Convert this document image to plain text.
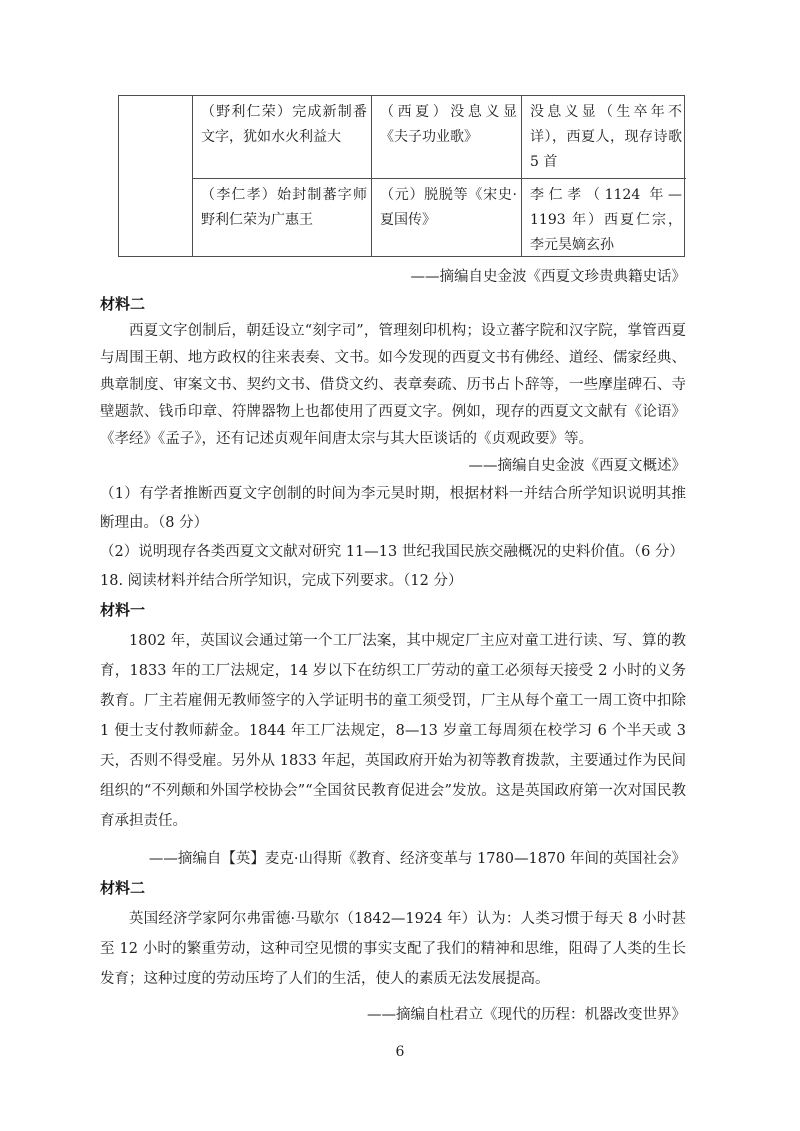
（野利仁荣）完成新制番文字，犹如水火利益大
（西夏）没息义显《夫子功业歌》
没息义显（生卒年不详），西夏人，现存诗歌 5 首
（李仁孝）始封制蕃字师野利仁荣为广惠王
（元）脱脱等《宋史·夏国传》
李仁孝（1124 年—1193 年）西夏仁宗，李元昊嫡玄孙
——摘编自史金波《西夏文珍贵典籍史话》
材料二
西夏文字创制后，朝廷设立“刻字司”，管理刻印机构；设立蕃字院和汉字院，掌管西夏与周围王朝、地方政权的往来表奏、文书。如今发现的西夏文书有佛经、道经、儒家经典、典章制度、审案文书、契约文书、借贷文约、表章奏疏、历书占卜辞等，一些摩崖碑石、寺壁题款、钱币印章、符牌器物上也都使用了西夏文字。例如，现存的西夏文文献有《论语》《孝经》《孟子》，还有记述贞观年间唐太宗与其大臣谈话的《贞观政要》等。
——摘编自史金波《西夏文概述》
（1）有学者推断西夏文字创制的时间为李元昊时期，根据材料一并结合所学知识说明其推断理由。（8 分）
（2）说明现存各类西夏文文献对研究 11—13 世纪我国民族交融概况的史料价值。（6 分）
18. 阅读材料并结合所学知识，完成下列要求。（12 分）
材料一
1802 年，英国议会通过第一个工厂法案，其中规定厂主应对童工进行读、写、算的教育，1833 年的工厂法规定，14 岁以下在纺织工厂劳动的童工必须每天接受 2 小时的义务教育。厂主若雇佣无教师签字的入学证明书的童工须受罚，厂主从每个童工一周工资中扣除 1 便士支付教师薪金。1844 年工厂法规定，8—13 岁童工每周须在校学习 6 个半天或 3 天，否则不得受雇。另外从 1833 年起，英国政府开始为初等教育拨款，主要通过作为民间组织的“不列颠和外国学校协会”“全国贫民教育促进会”发放。这是英国政府第一次对国民教育承担责任。
——摘编自【英】麦克·山得斯《教育、经济变革与 1780—1870 年间的英国社会》
材料二
英国经济学家阿尔弗雷德·马歇尔（1842—1924 年）认为：人类习惯于每天 8 小时甚至 12 小时的繁重劳动，这种司空见惯的事实支配了我们的精神和思维，阻碍了人类的生长发育；这种过度的劳动压垮了人们的生活，使人的素质无法发展提高。
——摘编自杜君立《现代的历程：机器改变世界》
6
